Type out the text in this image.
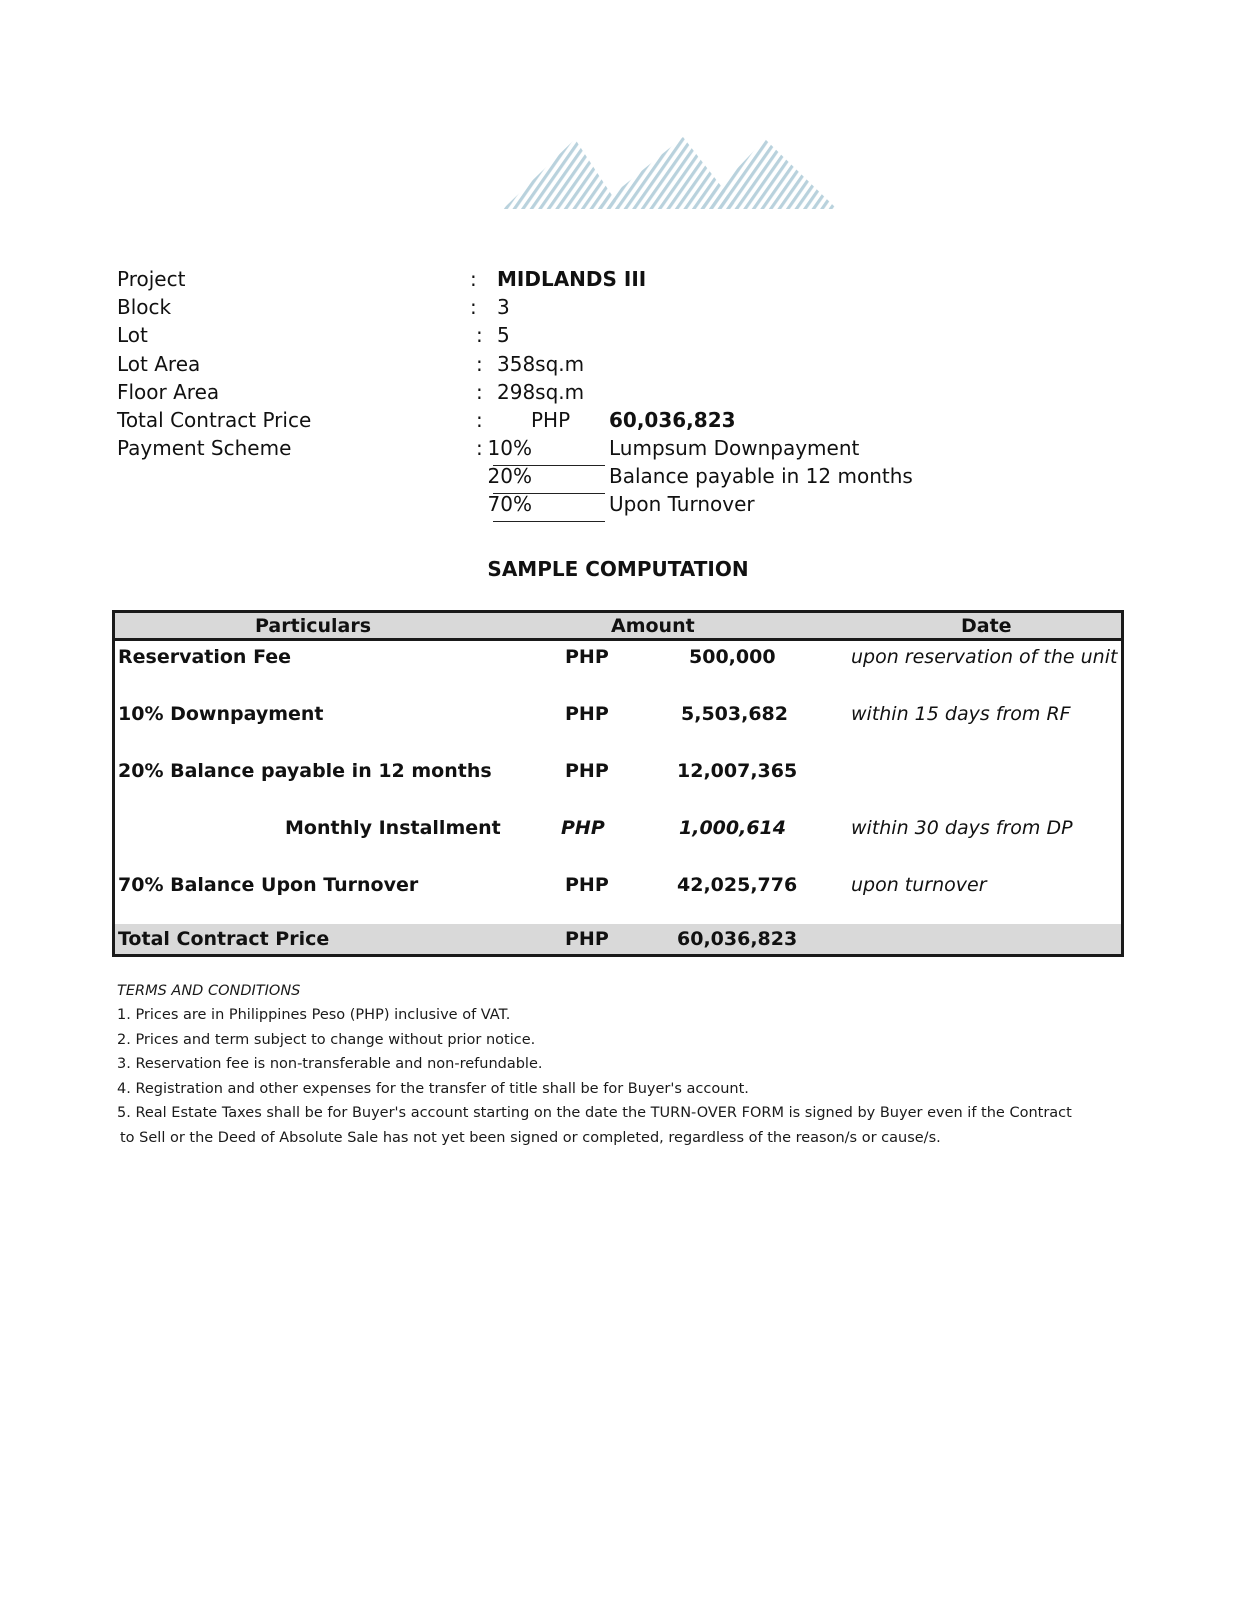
Project	: MIDLANDS III
Block	: 3
Lot	: 5
Lot Area	: 358sq.m
Floor Area	: 298sq.m
Total Contract Price	: PHP 60,036,823
Payment Scheme	: 10%	Lumpsum Downpayment
20%	Balance payable in 12 months
70%	Upon Turnover
SAMPLE COMPUTATION
Particulars	Amount	Date
Reservation Fee	PHP	500,000	upon reservation of the unit
10% Downpayment	PHP	5,503,682	within 15 days from RF
20% Balance payable in 12 months	PHP	12,007,365
Monthly Installment	PHP	1,000,614	within 30 days from DP
70% Balance Upon Turnover	PHP	42,025,776	upon turnover
Total Contract Price	PHP	60,036,823
TERMS AND CONDITIONS
1. Prices are in Philippines Peso (PHP) inclusive of VAT.
2. Prices and term subject to change without prior notice.
3. Reservation fee is non-transferable and non-refundable.
4. Registration and other expenses for the transfer of title shall be for Buyer's account.
5. Real Estate Taxes shall be for Buyer's account starting on the date the TURN-OVER FORM is signed by Buyer even if the Contract
to Sell or the Deed of Absolute Sale has not yet been signed or completed, regardless of the reason/s or cause/s.
